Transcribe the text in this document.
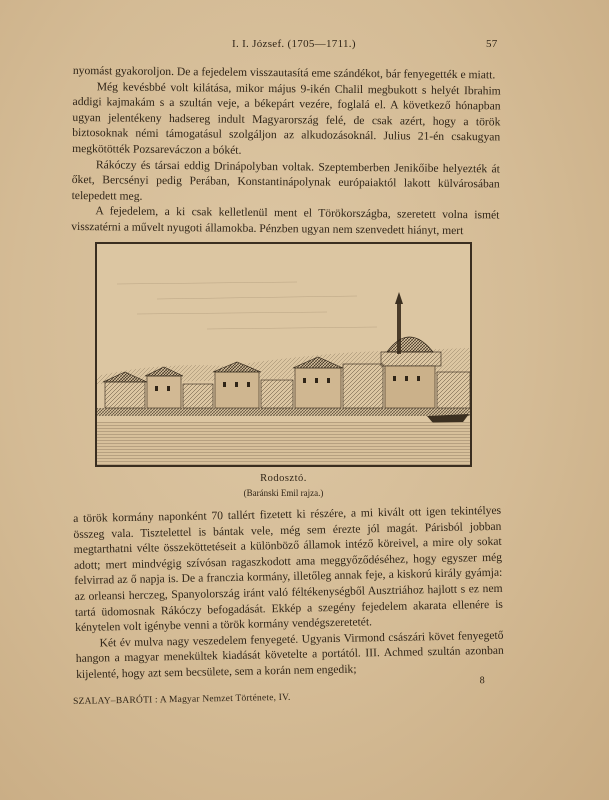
I. I. József. (1705—1711.)	57

nyomást gyakoroljon. De a fejedelem visszautasítá eme szándékot, bár fenyegették e miatt.

Még kevésbbé volt kilátása, mikor május 9-ikén Chalil megbukott s helyét Ibrahim addigi kajmakám s a szultán veje, a békepárt vezére, foglalá el. A következő hónapban ugyan jelentékeny hadsereg indult Magyarország felé, de csak azért, hogy a török biztosoknak némi támogatásul szolgáljon az alkudozásoknál. Julius 21-én csakugyan megkötötték Pozsareváczon a bókét.

Rákóczy és társai eddig Drinápolyban voltak. Szeptemberben Jenikőibe helyezték át őket, Bercsényi pedig Perában, Konstantinápolynak európaiaktól lakott külvárosában telepedett meg.

A fejedelem, a ki csak kelletlenül ment el Törökországba, szeretett volna ismét visszatérni a művelt nyugoti államokba. Pénzben ugyan nem szenvedett hiányt, mert

Rodosztó.
(Baránski Emil rajza.)

a török kormány naponként 70 tallért fizetett ki részére, a mi kivált ott igen tekintélyes összeg vala. Tisztelettel is bántak vele, még sem érezte jól magát. Párisból jobban megtarthatni vélte összeköttetéseit a különböző államok intéző köreivel, a mire oly sokat adott; mert mindvégig szívósan ragaszkodott ama meggyőződéséhez, hogy egyszer még felvirrad az ő napja is. De a franczia kormány, illetőleg annak feje, a kiskorú király gyámja: az orleansi herczeg, Spanyolország iránt való féltékenységből Ausztriához hajlott s ez nem tartá üdomosnak Rákóczy befogadását. Ekkép a szegény fejedelem akarata ellenére is kénytelen volt igénybe venni a török kormány vendégszeretetét.

Két év mulva nagy veszedelem fenyegeté. Ugyanis Virmond császári követ fenyegető hangon a magyar menekültek kiadását követelte a portától. III. Achmed szultán azonban kijelenté, hogy azt sem becsülete, sem a korán nem engedik;

SZALAY–BARÓTI : A Magyar Nemzet Története, IV.
8
